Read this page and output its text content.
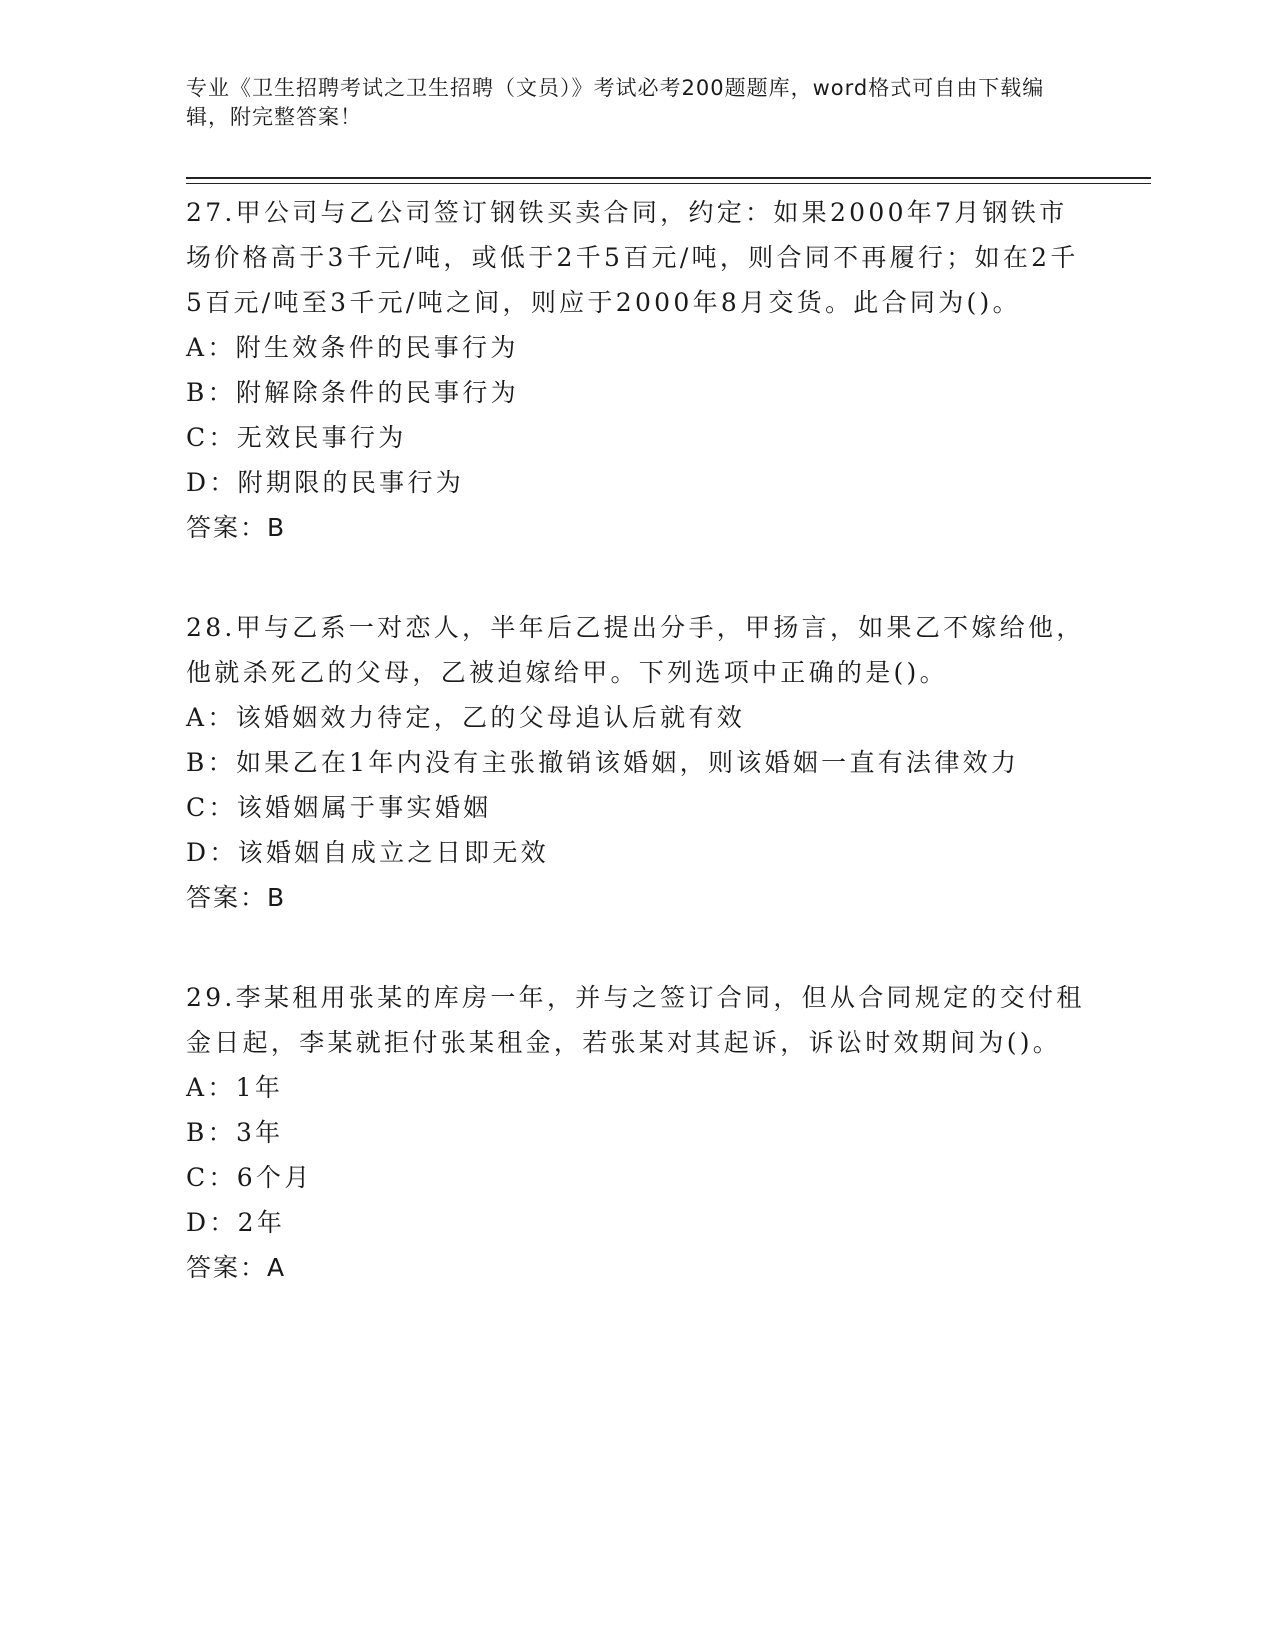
专业《卫生招聘考试之卫生招聘（文员）》考试必考200题题库，word格式可自由下载编辑，附完整答案！

27.甲公司与乙公司签订钢铁买卖合同，约定：如果2000年7月钢铁市场价格高于3千元/吨，或低于2千5百元/吨，则合同不再履行；如在2千5百元/吨至3千元/吨之间，则应于2000年8月交货。此合同为()。

A：附生效条件的民事行为

B：附解除条件的民事行为

C：无效民事行为

D：附期限的民事行为

答案：B

28.甲与乙系一对恋人，半年后乙提出分手，甲扬言，如果乙不嫁给他，他就杀死乙的父母，乙被迫嫁给甲。下列选项中正确的是()。

A：该婚姻效力待定，乙的父母追认后就有效

B：如果乙在1年内没有主张撤销该婚姻，则该婚姻一直有法律效力

C：该婚姻属于事实婚姻

D：该婚姻自成立之日即无效

答案：B

29.李某租用张某的库房一年，并与之签订合同，但从合同规定的交付租金日起，李某就拒付张某租金，若张某对其起诉，诉讼时效期间为()。

A：1年

B：3年

C：6个月

D：2年

答案：A
